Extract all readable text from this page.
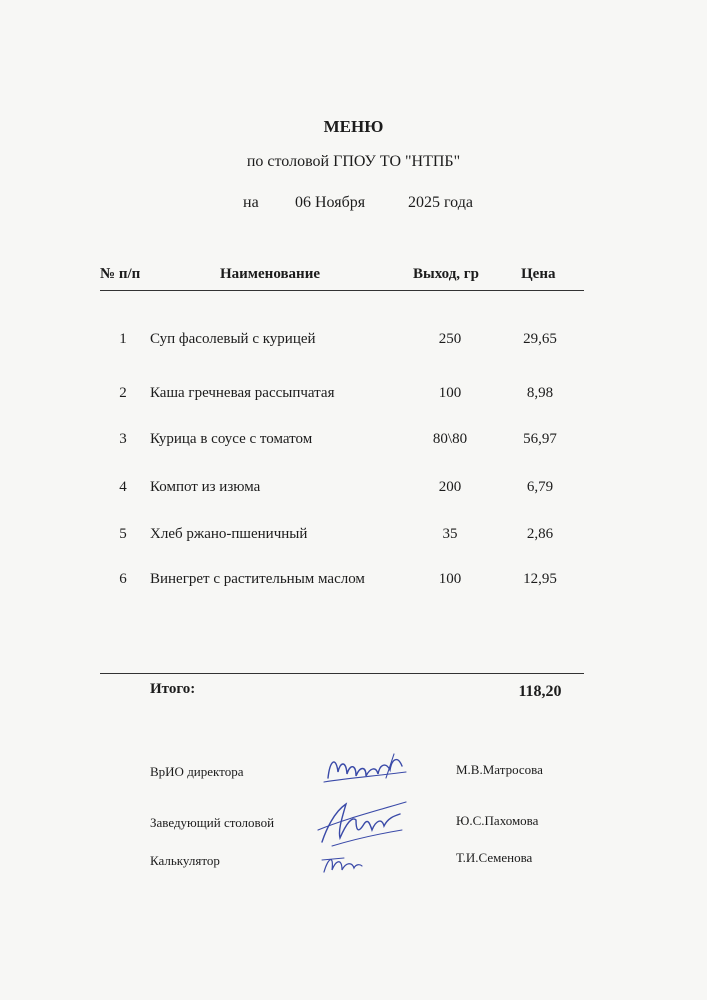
МЕНЮ
по столовой ГПОУ ТО "НТПБ"
на 06 Ноября	2025 года
№ п/п	Наименование	Выход, гр	Цена
1 Суп фасолевый с курицей	250	29,65
2 Каша гречневая рассыпчатая	100	8,98
3 Курица в соусе с томатом	80\80	56,97
4 Компот из изюма	200	6,79
5 Хлеб ржано-пшеничный	35	2,86
6 Винегрет с растительным маслом	100	12,95
Итого:	118,20
ВрИО директора	М.В.Матросова
Заведующий столовой	Ю.С.Пахомова
Калькулятор	Т.И.Семенова
